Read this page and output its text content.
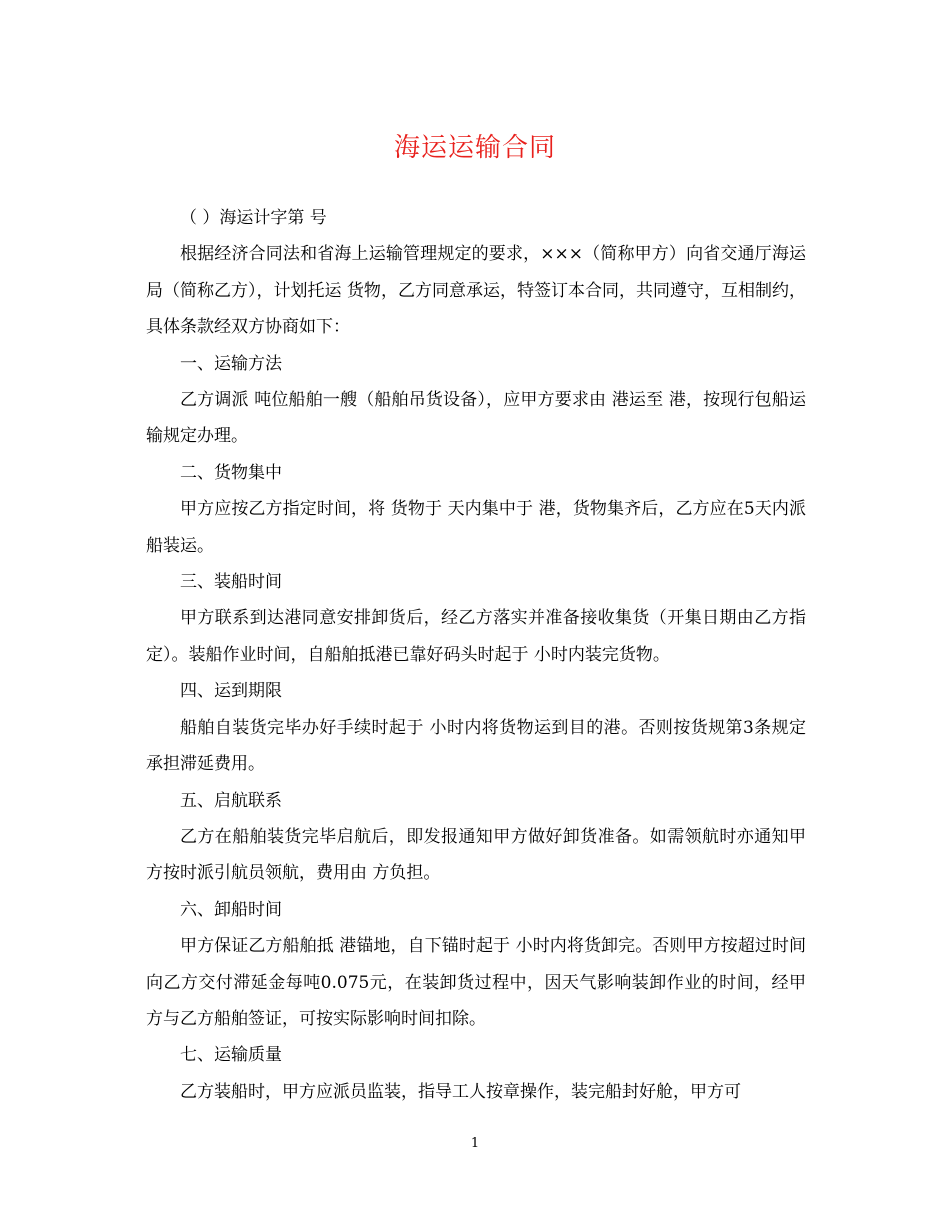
海运运输合同

（ ）海运计字第 号

根据经济合同法和省海上运输管理规定的要求，×××（简称甲方）向省交通厅海运局（简称乙方），计划托运 货物，乙方同意承运，特签订本合同，共同遵守，互相制约，具体条款经双方协商如下：

一、运输方法

乙方调派 吨位船舶一艘（船舶吊货设备），应甲方要求由 港运至 港，按现行包船运输规定办理。

二、货物集中

甲方应按乙方指定时间，将 货物于 天内集中于 港，货物集齐后，乙方应在5天内派船装运。

三、装船时间

甲方联系到达港同意安排卸货后，经乙方落实并准备接收集货（开集日期由乙方指定）。装船作业时间，自船舶抵港已靠好码头时起于 小时内装完货物。

四、运到期限

船舶自装货完毕办好手续时起于 小时内将货物运到目的港。否则按货规第3条规定承担滞延费用。

五、启航联系

乙方在船舶装货完毕启航后，即发报通知甲方做好卸货准备。如需领航时亦通知甲方按时派引航员领航，费用由 方负担。

六、卸船时间

甲方保证乙方船舶抵 港锚地，自下锚时起于 小时内将货卸完。否则甲方按超过时间向乙方交付滞延金每吨0.075元，在装卸货过程中，因天气影响装卸作业的时间，经甲方与乙方船舶签证，可按实际影响时间扣除。

七、运输质量

乙方装船时，甲方应派员监装，指导工人按章操作，装完船封好舱，甲方可

1
